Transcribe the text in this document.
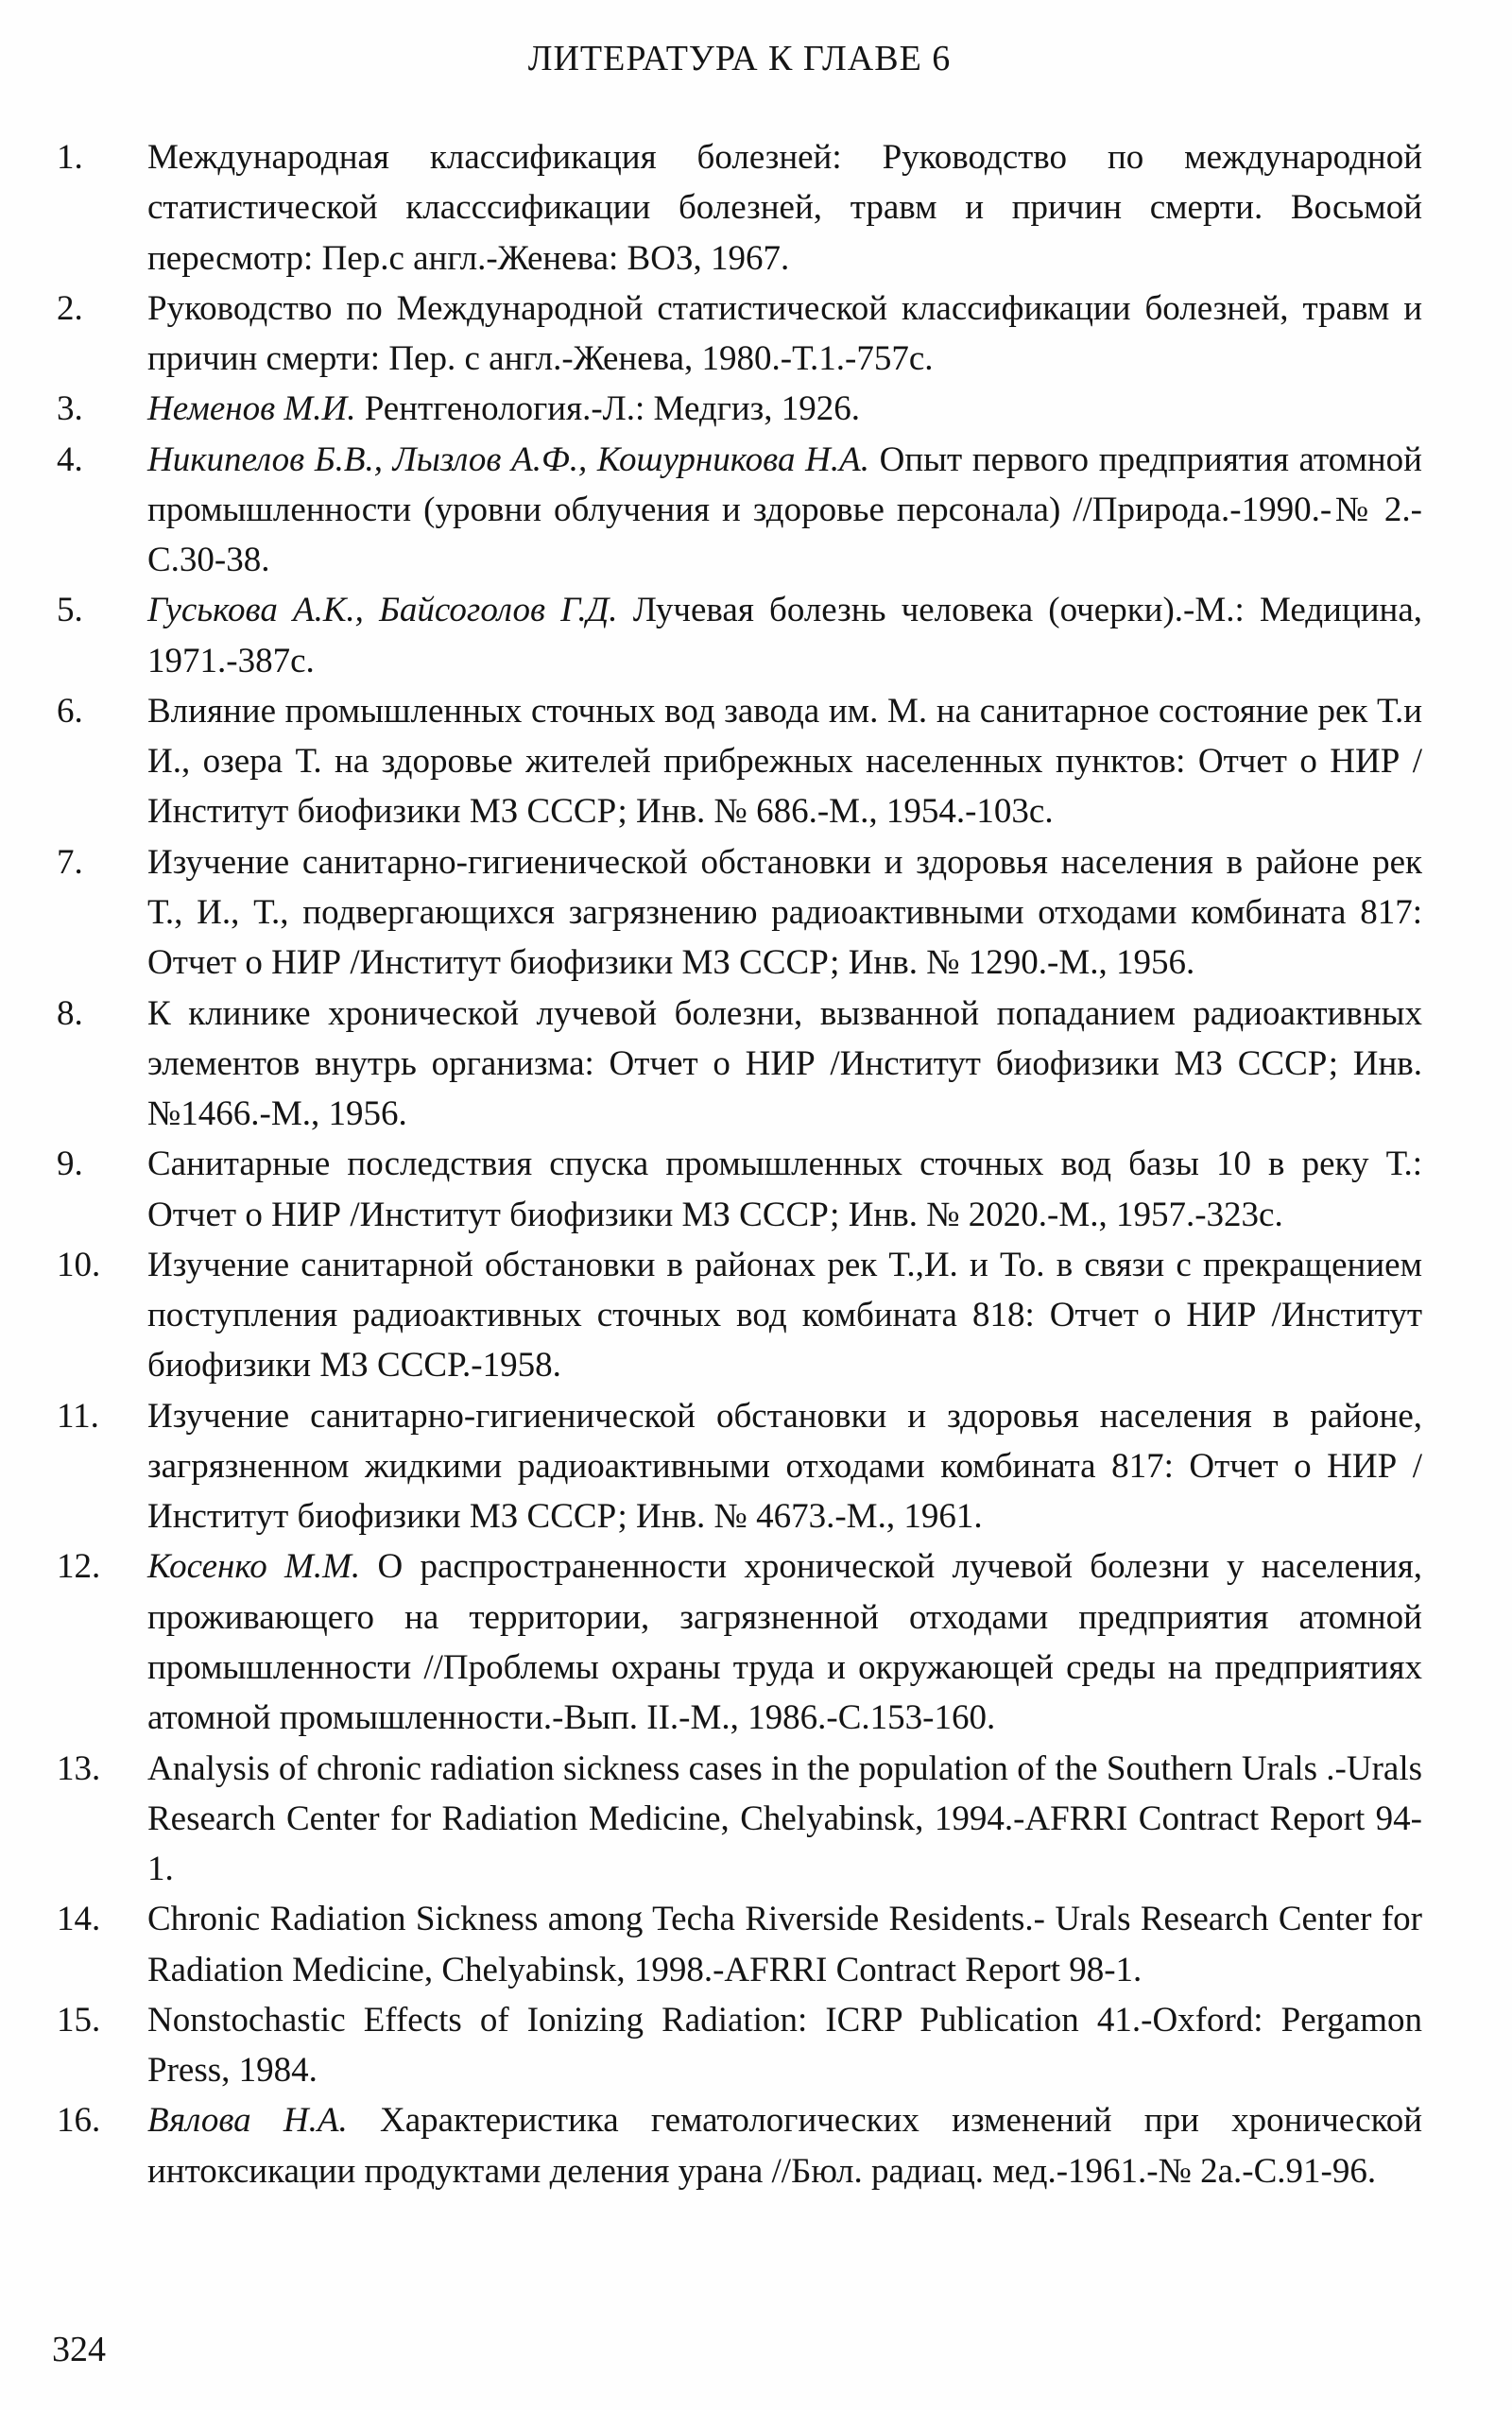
ЛИТЕРАТУРА К ГЛАВЕ 6
1.	Международная классификация болезней: Руководство по международной статистической класссификации болезней, травм и причин смерти. Восьмой пересмотр: Пер.с англ.-Женева: ВОЗ, 1967.

2.	Руководство по Международной статистической классификации болезней, травм и причин смерти: Пер. с англ.-Женева, 1980.-Т.1.-757с.

3.	Неменов М.И. Рентгенология.-Л.: Медгиз, 1926.

4.	Никипелов Б.В., Лызлов А.Ф., Кошурникова Н.А. Опыт первого предприятия атомной промышленности (уровни облучения и здоровье персонала) //Природа.-1990.-№ 2.-С.30-38.

5.	Гуськова А.К., Байсоголов Г.Д. Лучевая болезнь человека (очерки).-М.: Медицина, 1971.-387с.

6.	Влияние промышленных сточных вод завода им. М. на санитарное состояние рек Т.и И., озера Т. на здоровье жителей прибрежных населенных пунктов: Отчет о НИР /Институт биофизики МЗ СССР; Инв. № 686.-М., 1954.-103с.

7.	Изучение санитарно-гигиенической обстановки и здоровья населения в районе рек Т., И., Т., подвергающихся загрязнению радиоактивными отходами комбината 817: Отчет о НИР /Институт биофизики МЗ СССР; Инв. № 1290.-М., 1956.

8.	К клинике хронической лучевой болезни, вызванной попаданием радиоактивных элементов внутрь организма: Отчет о НИР /Институт биофизики МЗ СССР; Инв. №1466.-М., 1956.

9.	Санитарные последствия спуска промышленных сточных вод базы 10 в реку Т.: Отчет о НИР /Институт биофизики МЗ СССР; Инв. № 2020.-М., 1957.-323с.

10.	Изучение санитарной обстановки в районах рек Т.,И. и То. в связи с прекращением поступления радиоактивных сточных вод комбината 818: Отчет о НИР /Институт биофизики МЗ СССР.-1958.

11.	Изучение санитарно-гигиенической обстановки и здоровья населения в районе, загрязненном жидкими радиоактивными отходами комбината 817: Отчет о НИР /Институт биофизики МЗ СССР; Инв. № 4673.-М., 1961.

12.	Косенко М.М. О распространенности хронической лучевой болезни у населения, проживающего на территории, загрязненной отходами предприятия атомной промышленности //Проблемы охраны труда и окружающей среды на предприятиях атомной промышленности.-Вып. II.-М., 1986.-С.153-160.

13.	Analysis of chronic radiation sickness cases in the population of the Southern Urals .-Urals Research Center for Radiation Medicine, Chelyabinsk, 1994.-AFRRI Contract Report 94-1.

14.	Chronic Radiation Sickness among Techa Riverside Residents.- Urals Research Center for Radiation Medicine, Chelyabinsk, 1998.-AFRRI Contract Report 98-1.

15.	Nonstochastic Effects of Ionizing Radiation: ICRP Publication 41.-Oxford: Pergamon Press, 1984.

16.	Вялова Н.А. Характеристика гематологических изменений при хронической интоксикации продуктами деления урана //Бюл. радиац. мед.-1961.-№ 2а.-С.91-96.

324
